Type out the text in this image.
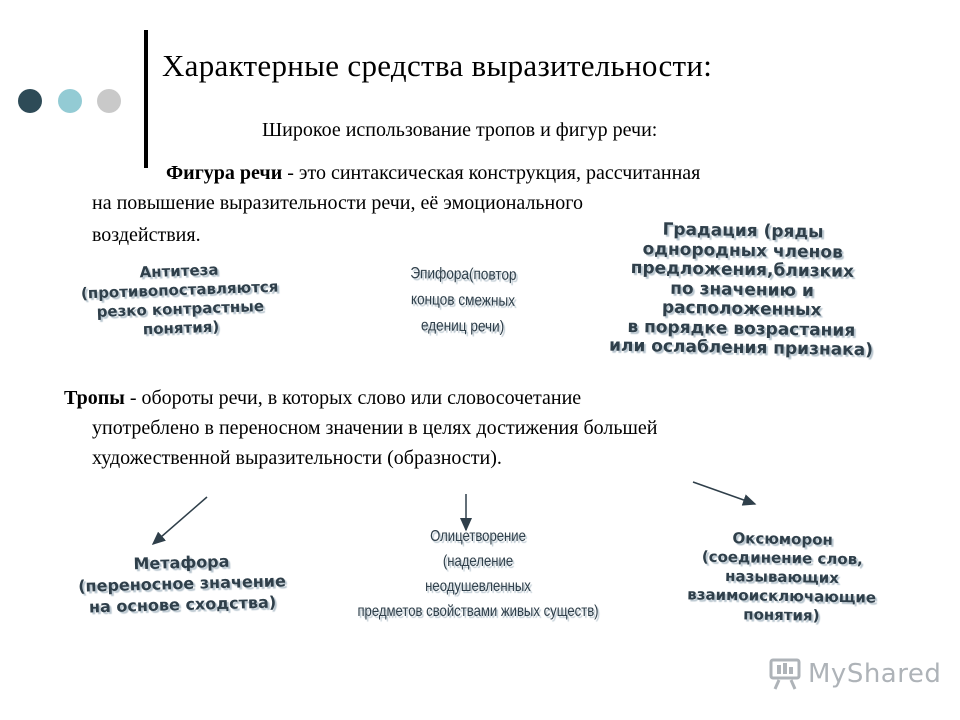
Характерные средства выразительности:
Широкое использование тропов и фигур речи:
Фигура речи - это синтаксическая конструкция, рассчитанная
на повышение выразительности речи, её эмоционального
воздействия.
Антитеза
(противопоставляются
резко контрастные
понятия)
Эпифора(повтор
концов смежных
едениц речи)
Градация (ряды
однородных членов
предложения,близких
по значению и
расположенных
в порядке возрастания
или ослабления признака)
Тропы - обороты речи, в которых слово или словосочетание
употреблено в переносном значении в целях достижения большей
художественной выразительности (образности).
Метафора
(переносное значение
на основе сходства)
Олицетворение
(наделение
неодушевленных
предметов свойствами живых существ)
Оксюморон
(соединение слов,
называющих
взаимоисключающие
понятия)
MyShared
